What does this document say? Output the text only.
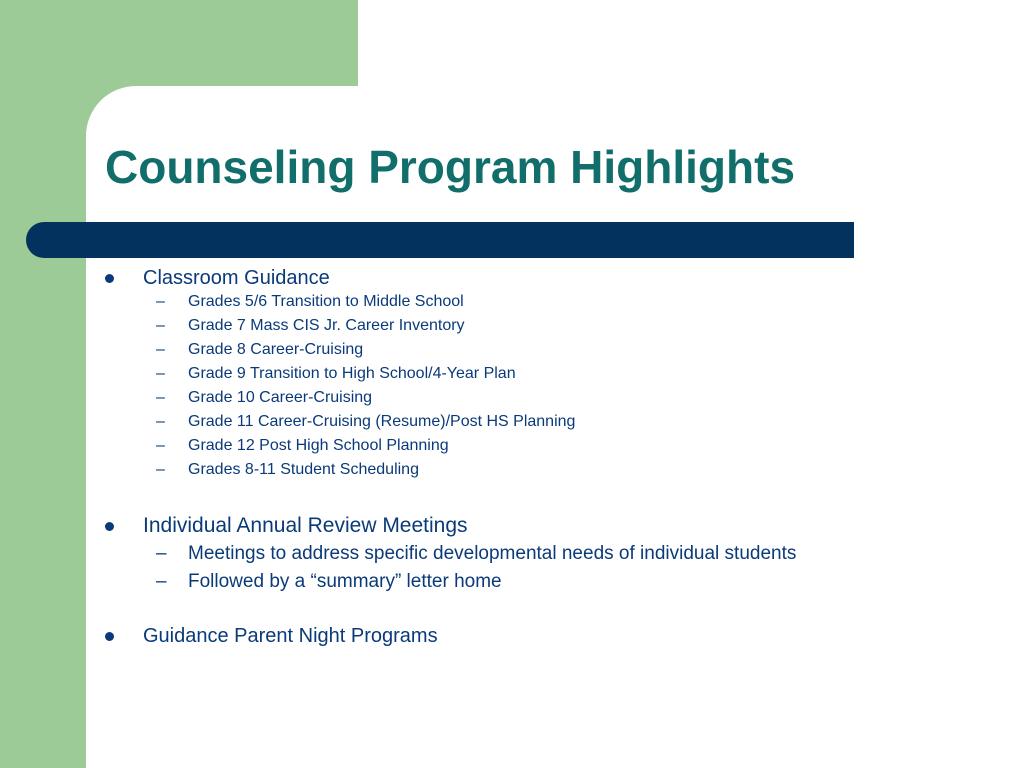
Counseling Program Highlights
Classroom Guidance
– Grades 5/6 Transition to Middle School
– Grade 7 Mass CIS Jr. Career Inventory
– Grade 8 Career-Cruising
– Grade 9 Transition to High School/4-Year Plan
– Grade 10 Career-Cruising
– Grade 11 Career-Cruising (Resume)/Post HS Planning
– Grade 12 Post High School Planning
– Grades 8-11 Student Scheduling
Individual Annual Review Meetings
– Meetings to address specific developmental needs of individual students
– Followed by a “summary” letter home
Guidance Parent Night Programs
